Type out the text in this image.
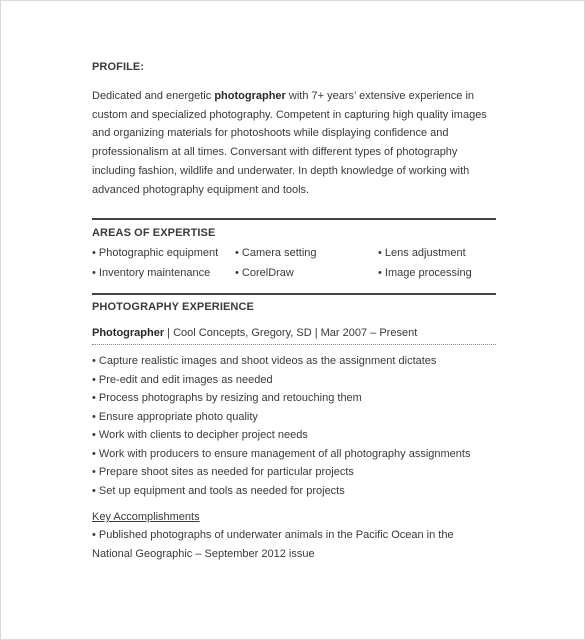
PROFILE:
Dedicated and energetic photographer with 7+ years’ extensive experience in custom and specialized photography. Competent in capturing high quality images and organizing materials for photoshoots while displaying confidence and professionalism at all times. Conversant with different types of photography including fashion, wildlife and underwater. In depth knowledge of working with advanced photography equipment and tools.
AREAS OF EXPERTISE
• Photographic equipment	• Camera setting	• Lens adjustment
• Inventory maintenance	• CorelDraw	• Image processing
PHOTOGRAPHY EXPERIENCE
Photographer | Cool Concepts, Gregory, SD | Mar 2007 – Present
• Capture realistic images and shoot videos as the assignment dictates
• Pre-edit and edit images as needed
• Process photographs by resizing and retouching them
• Ensure appropriate photo quality
• Work with clients to decipher project needs
• Work with producers to ensure management of all photography assignments
• Prepare shoot sites as needed for particular projects
• Set up equipment and tools as needed for projects
Key Accomplishments
• Published photographs of underwater animals in the Pacific Ocean in the National Geographic – September 2012 issue
